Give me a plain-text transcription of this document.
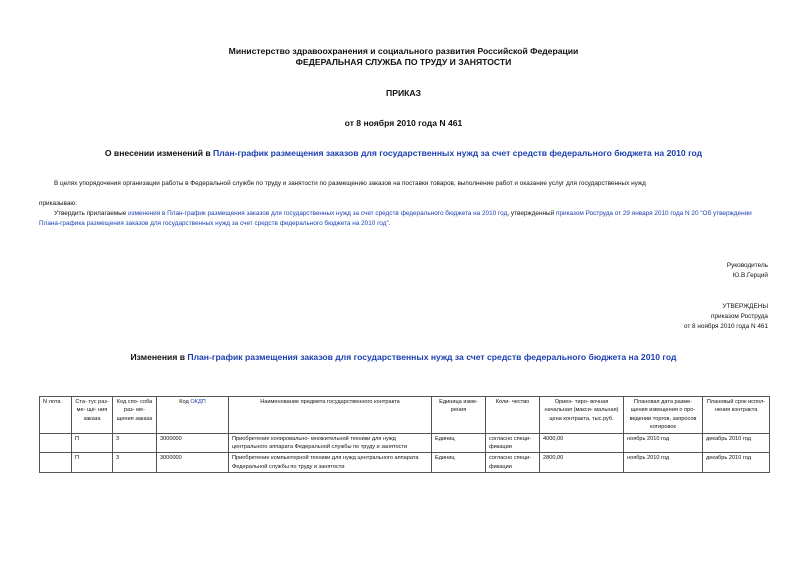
Министерство здравоохранения и социального развития Российской Федерации
ФЕДЕРАЛЬНАЯ СЛУЖБА ПО ТРУДУ И ЗАНЯТОСТИ
ПРИКАЗ
от 8 ноября 2010 года N 461
О внесении изменений в План-график размещения заказов для государственных нужд за счет средств федерального бюджета на 2010 год
В целях упорядочения организации работы в Федеральной службе по труду и занятости по размещению заказов на поставки товаров, выполнение работ и оказание услуг для государственных нужд
приказываю:
Утвердить прилагаемые изменения в План-график размещения заказов для государственных нужд за счет средств федерального бюджета на 2010 год, утвержденный приказом Роструда от 29 января 2010 года N 20 "Об утверждении Плана-графика размещения заказов для государственных нужд за счет средств федерального бюджета на 2010 год".
Руководитель
Ю.В.Герций
УТВЕРЖДЕНЫ
приказом Роструда
от 8 ноября 2010 года N 461
Изменения в План-график размещения заказов для государственных нужд за счет средств федерального бюджета на 2010 год
N лота	Ста- тус раз- ме- ще- ния заказа	Код спо- соба раз- ме- щения заказа	Код ОКДП	Наименование предмета государственного контракта	Единица изме- рения	Коли- чество	Ориен- тиро- вочная начальная (макси- мальная) цена контракта, тыс.руб.	Плановая дата разме- щения извещения о про- ведении торгов, запросов котировок	Плановый срок испол- нения контракта
	П	3	3000000	Приобретение копировально- множительной техники для нужд центрального аппарата Федеральной службы по труду и занятости	Единиц	согласно специ- фикации	4000,00	ноябрь 2010 год	декабрь 2010 год
	П	3	3000000	Приобретение компьютерной техники для нужд центрального аппарата Федеральной службы по труду и занятости	Единиц	согласно специ- фикации	2800,00	ноябрь 2010 год	декабрь 2010 год
